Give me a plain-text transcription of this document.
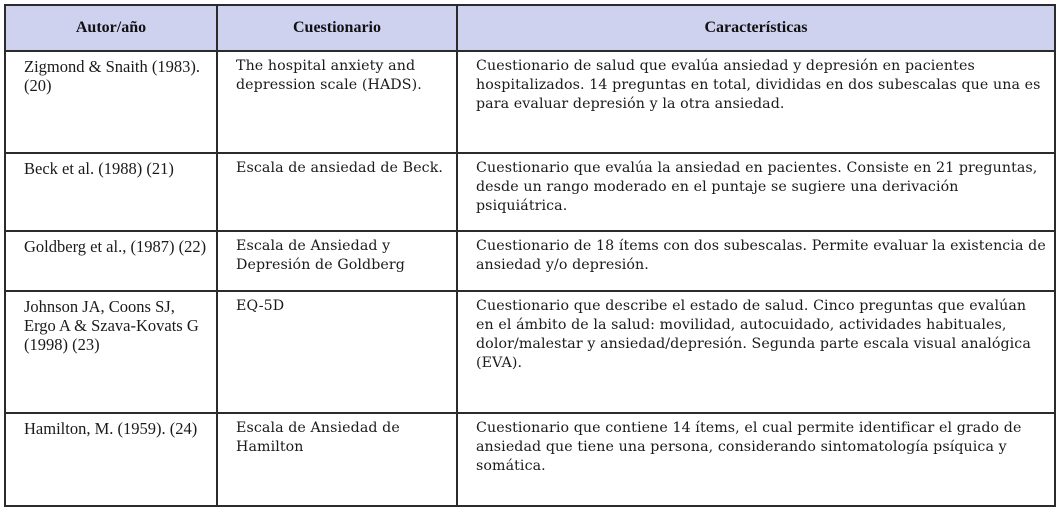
Autor/año	Cuestionario	Características
Zigmond & Snaith (1983). (20)	The hospital anxiety and depression scale (HADS).	Cuestionario de salud que evalúa ansiedad y depresión en pacientes hospitalizados. 14 preguntas en total, divididas en dos subescalas que una es para evaluar depresión y la otra ansiedad.
Beck et al. (1988) (21)	Escala de ansiedad de Beck.	Cuestionario que evalúa la ansiedad en pacientes. Consiste en 21 preguntas, desde un rango moderado en el puntaje se sugiere una derivación psiquiátrica.
Goldberg et al., (1987) (22)	Escala de Ansiedad y Depresión de Goldberg	Cuestionario de 18 ítems con dos subescalas. Permite evaluar la existencia de ansiedad y/o depresión.
Johnson JA, Coons SJ, Ergo A & Szava-Kovats G (1998) (23)	EQ-5D	Cuestionario que describe el estado de salud. Cinco preguntas que evalúan en el ámbito de la salud: movilidad, autocuidado, actividades habituales, dolor/malestar y ansiedad/depresión. Segunda parte escala visual analógica (EVA).
Hamilton, M. (1959). (24)	Escala de Ansiedad de Hamilton	Cuestionario que contiene 14 ítems, el cual permite identificar el grado de ansiedad que tiene una persona, considerando sintomatología psíquica y somática.
